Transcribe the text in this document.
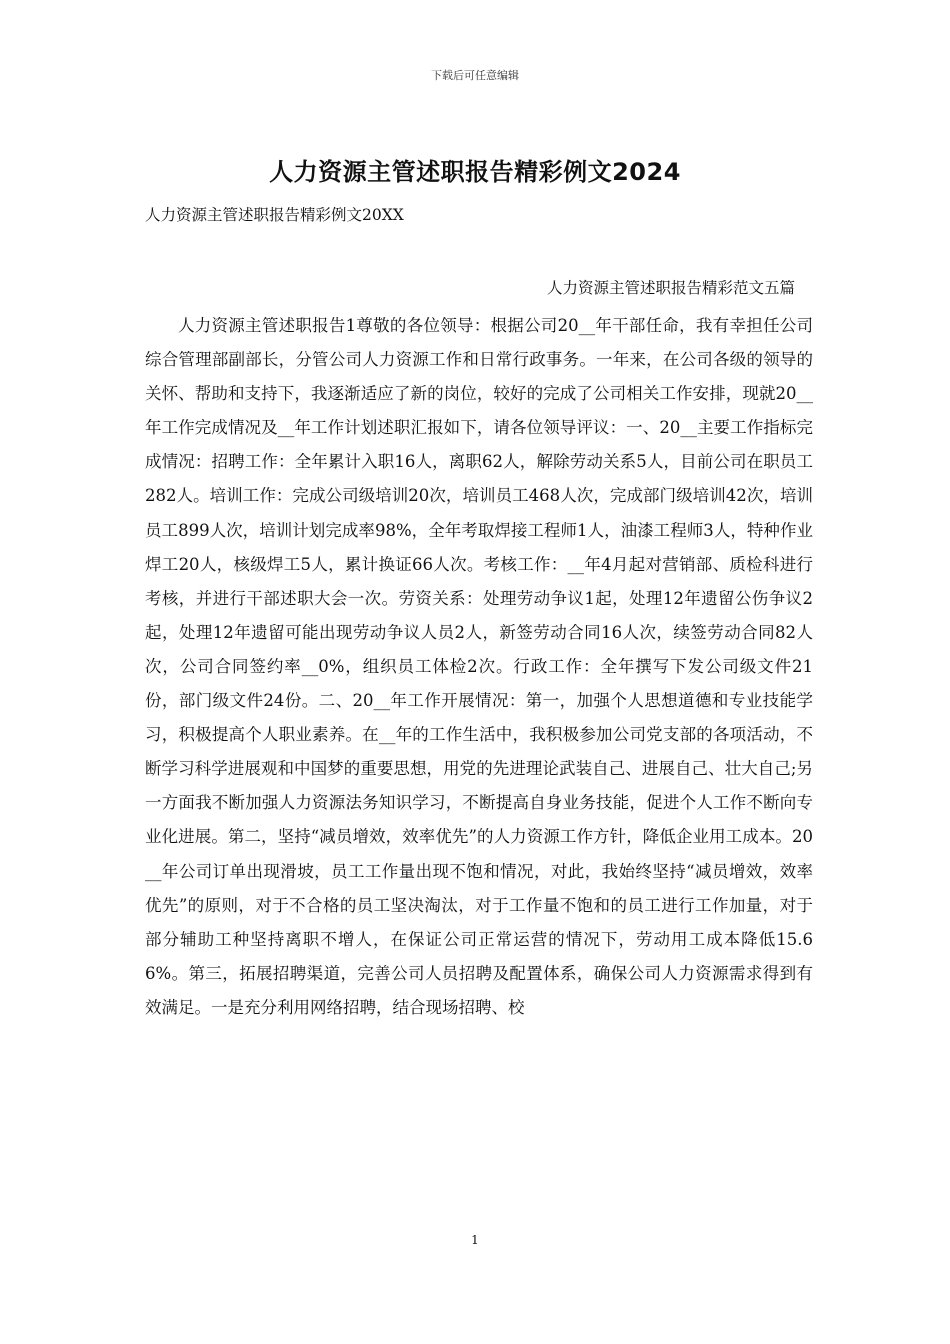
下载后可任意编辑
人力资源主管述职报告精彩例文2024
人力资源主管述职报告精彩例文20XX
人力资源主管述职报告精彩范文五篇

人力资源主管述职报告1尊敬的各位领导：根据公司20__年干部任命，我有幸担任公司综合管理部副部长，分管公司人力资源工作和日常行政事务。一年来，在公司各级的领导的关怀、帮助和支持下，我逐渐适应了新的岗位，较好的完成了公司相关工作安排，现就20__年工作完成情况及__年工作计划述职汇报如下，请各位领导评议：一、20__主要工作指标完成情况：招聘工作：全年累计入职16人，离职62人，解除劳动关系5人，目前公司在职员工282人。培训工作：完成公司级培训20次，培训员工468人次，完成部门级培训42次，培训员工899人次，培训计划完成率98%，全年考取焊接工程师1人，油漆工程师3人，特种作业焊工20人，核级焊工5人，累计换证66人次。考核工作：__年4月起对营销部、质检科进行考核，并进行干部述职大会一次。劳资关系：处理劳动争议1起，处理12年遗留公伤争议2起，处理12年遗留可能出现劳动争议人员2人，新签劳动合同16人次，续签劳动合同82人次，公司合同签约率__0%，组织员工体检2次。行政工作：全年撰写下发公司级文件21份，部门级文件24份。二、20__年工作开展情况：第一，加强个人思想道德和专业技能学习，积极提高个人职业素养。在__年的工作生活中，我积极参加公司党支部的各项活动，不断学习科学进展观和中国梦的重要思想，用党的先进理论武装自己、进展自己、壮大自己;另一方面我不断加强人力资源法务知识学习，不断提高自身业务技能，促进个人工作不断向专业化进展。第二，坚持“减员增效，效率优先”的人力资源工作方针，降低企业用工成本。20__年公司订单出现滑坡，员工工作量出现不饱和情况，对此，我始终坚持“减员增效，效率优先”的原则，对于不合格的员工坚决淘汰，对于工作量不饱和的员工进行工作加量，对于部分辅助工种坚持离职不增人，在保证公司正常运营的情况下，劳动用工成本降低15.66%。第三，拓展招聘渠道，完善公司人员招聘及配置体系，确保公司人力资源需求得到有效满足。一是充分利用网络招聘，结合现场招聘、校

1
